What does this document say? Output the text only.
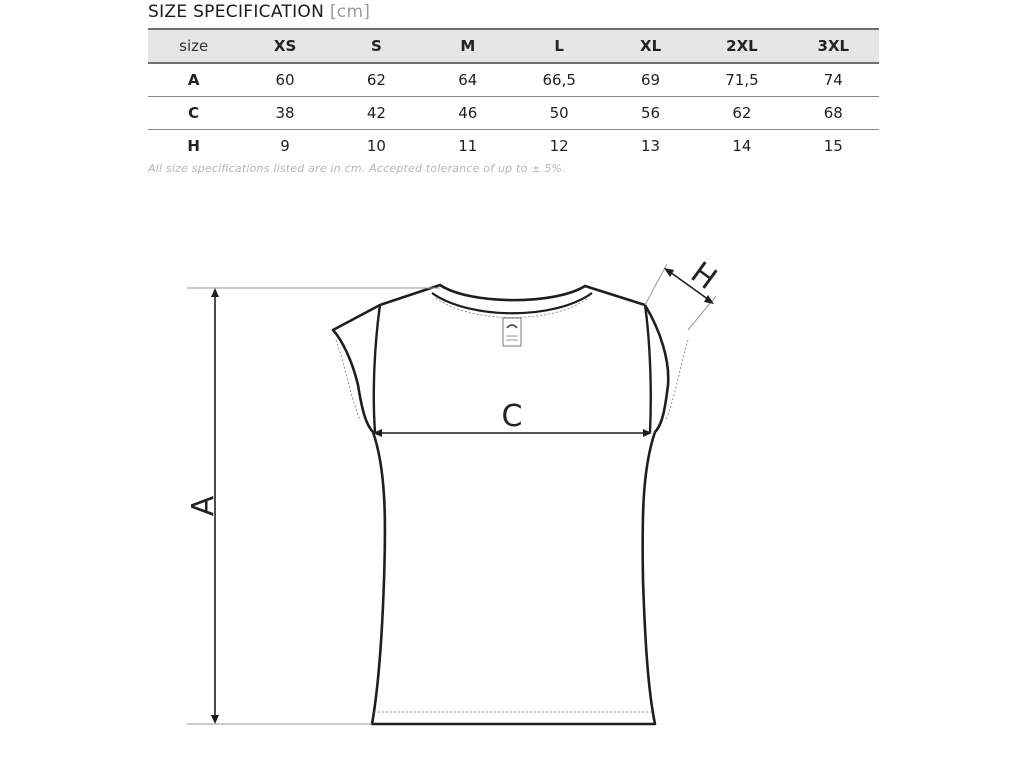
SIZE SPECIFICATION [cm]
size	XS	S	M	L	XL	2XL	3XL
A	60	62	64	66,5	69	71,5	74
C	38	42	46	50	56	62	68
H	9	10	11	12	13	14	15
All size specifications listed are in cm. Accepted tolerance of up to ± 5%.
A
C
H
